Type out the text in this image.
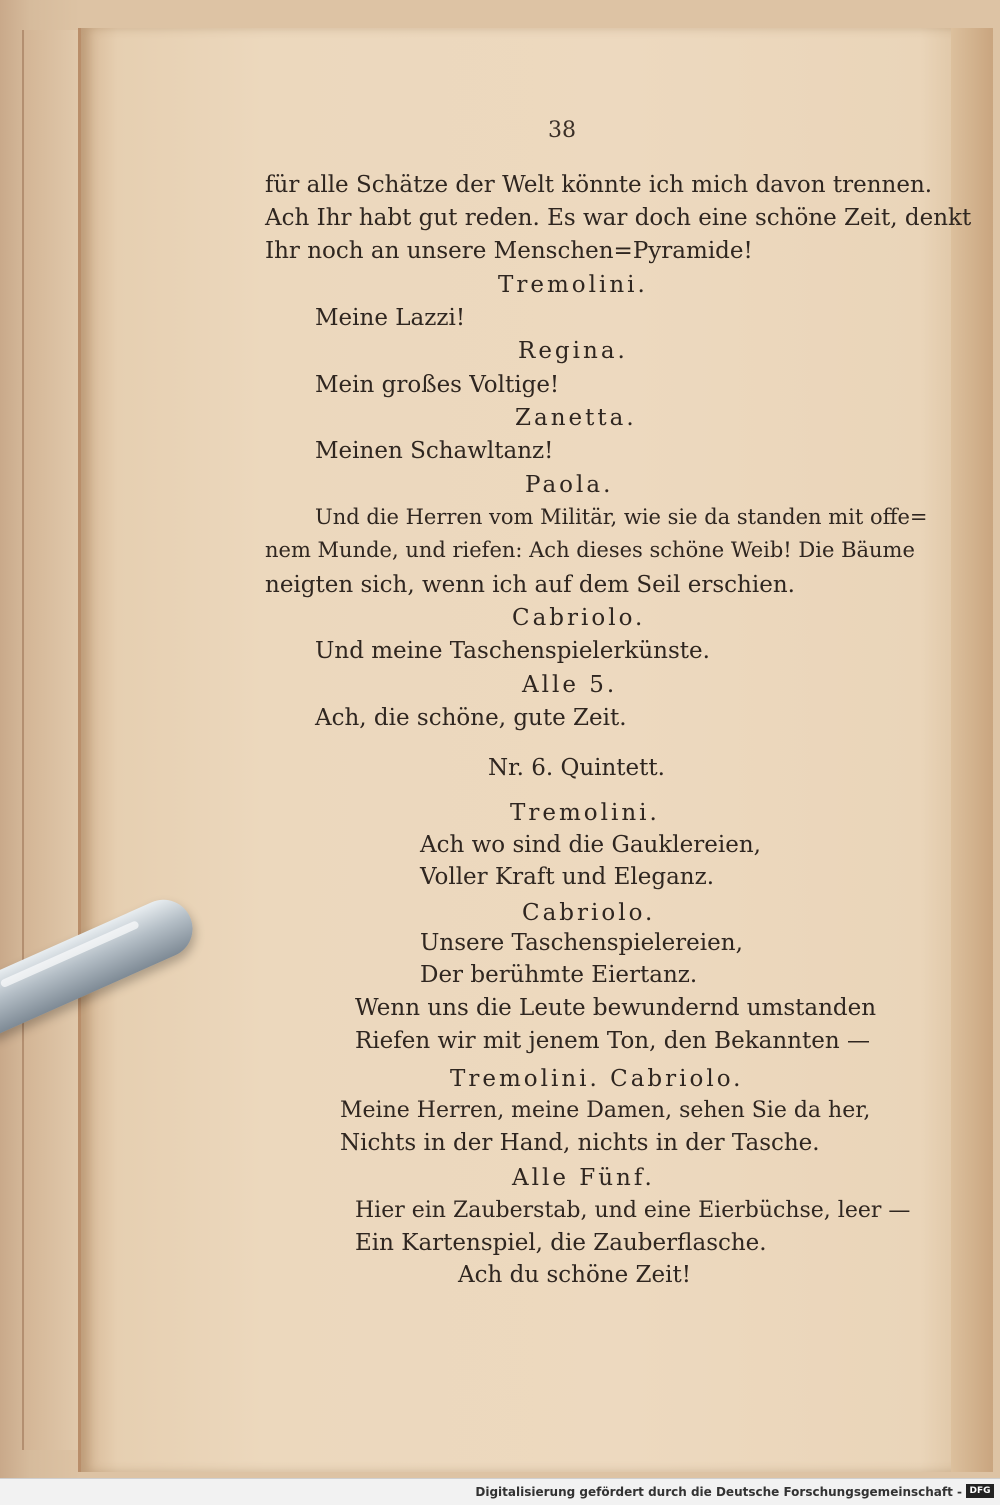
38
für alle Schätze der Welt könnte ich mich davon trennen.
Ach Ihr habt gut reden. Es war doch eine schöne Zeit, denkt
Ihr noch an unsere Menschen=Pyramide!
Tremolini.
Meine Lazzi!
Regina.
Mein großes Voltige!
Zanetta.
Meinen Schawltanz!
Paola.
Und die Herren vom Militär, wie sie da standen mit offe=
nem Munde, und riefen: Ach dieses schöne Weib! Die Bäume
neigten sich, wenn ich auf dem Seil erschien.
Cabriolo.
Und meine Taschenspielerkünste.
Alle 5.
Ach, die schöne, gute Zeit.
Nr. 6. Quintett.
Tremolini.
Ach wo sind die Gauklereien,
Voller Kraft und Eleganz.
Cabriolo.
Unsere Taschenspielereien,
Der berühmte Eiertanz.
Wenn uns die Leute bewundernd umstanden
Riefen wir mit jenem Ton, den Bekannten —
Tremolini. Cabriolo.
Meine Herren, meine Damen, sehen Sie da her,
Nichts in der Hand, nichts in der Tasche.
Alle Fünf.
Hier ein Zauberstab, und eine Eierbüchse, leer —
Ein Kartenspiel, die Zauberflasche.
Ach du schöne Zeit!
Digitalisierung gefördert durch die Deutsche Forschungsgemeinschaft - DFG
